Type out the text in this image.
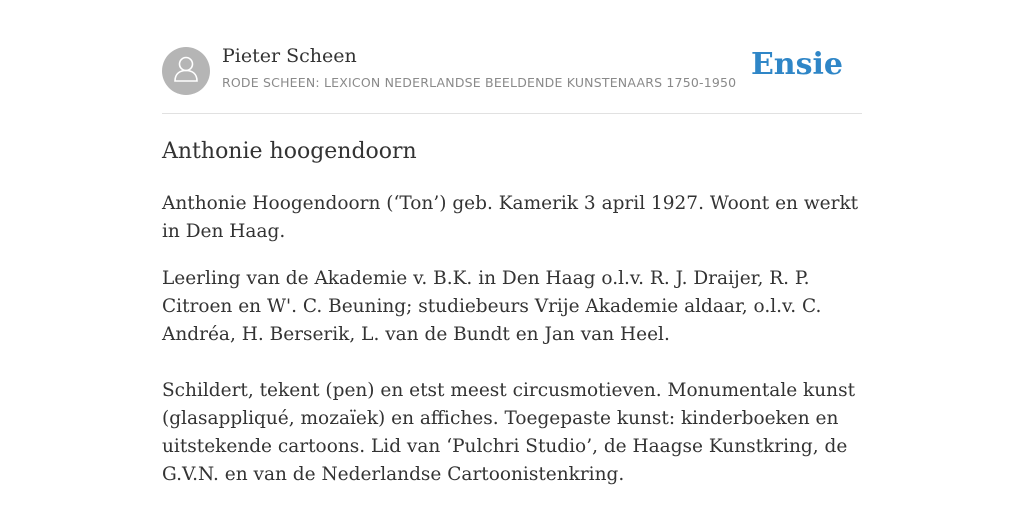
Pieter Scheen
RODE SCHEEN: LEXICON NEDERLANDSE BEELDENDE KUNSTENAARS 1750-1950
Ensie
Anthonie hoogendoorn

Anthonie Hoogendoorn (‘Ton’) geb. Kamerik 3 april 1927. Woont en werkt in Den Haag.

Leerling van de Akademie v. B.K. in Den Haag o.l.v. R. J. Draijer, R. P. Citroen en W'. C. Beuning; studiebeurs Vrije Akademie aldaar, o.l.v. C. Andréa, H. Berserik, L. van de Bundt en Jan van Heel.

Schildert, tekent (pen) en etst meest circusmotieven. Monumentale kunst (glasappliqué, mozaïek) en affiches. Toegepaste kunst: kinderboeken en uitstekende cartoons. Lid van ‘Pulchri Studio’, de Haagse Kunstkring, de G.V.N. en van de Nederlandse Cartoonistenkring.
